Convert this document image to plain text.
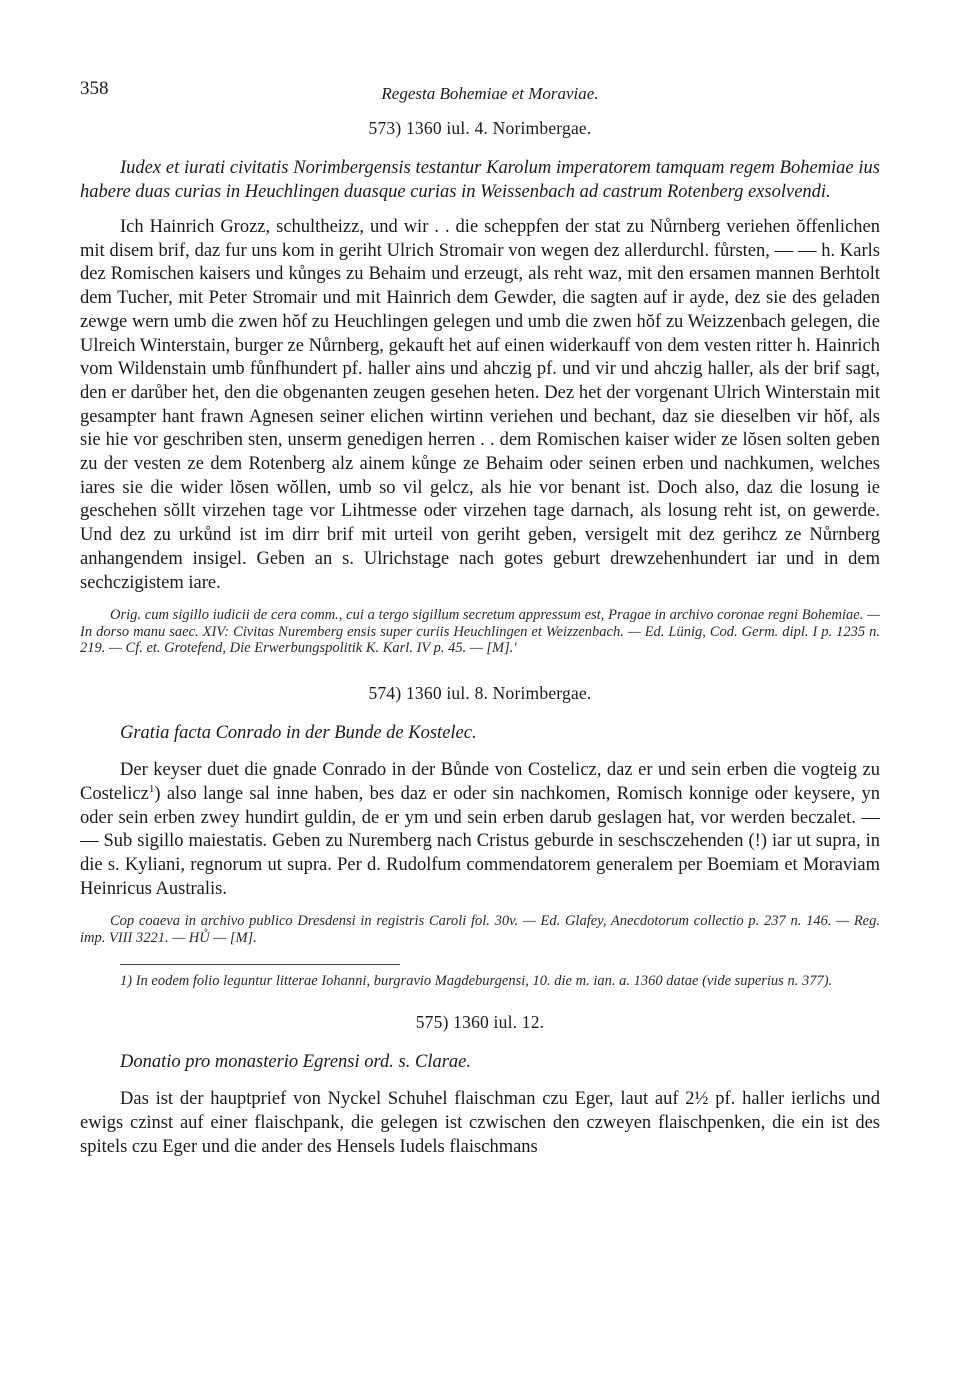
358	Regesta Bohemiae et Moraviae.
573) 1360 iul. 4. Norimbergae.

Iudex et iurati civitatis Norimbergensis testantur Karolum imperatorem tamquam regem Bohemiae ius habere duas curias in Heuchlingen duasque curias in Weissenbach ad castrum Rotenberg exsolvendi.

Ich Hainrich Grozz, schultheizz, und wir . . die scheppfen der stat zu Nůrnberg veriehen ŏffenlichen mit disem brif, daz fur uns kom in geriht Ulrich Stromair von wegen dez allerdurchl. fůrsten, — — h. Karls dez Romischen kaisers und kůnges zu Behaim und erzeugt, als reht waz, mit den ersamen mannen Berhtolt dem Tucher, mit Peter Stromair und mit Hainrich dem Gewder, die sagten auf ir ayde, dez sie des geladen zewge wern umb die zwen hŏf zu Heuchlingen gelegen und umb die zwen hŏf zu Weizzenbach gelegen, die Ulreich Winterstain, burger ze Nůrnberg, gekauft het auf einen widerkauff von dem vesten ritter h. Hainrich vom Wildenstain umb fůnfhundert pf. haller ains und ahczig pf. und vir und ahczig haller, als der brif sagt, den er darůber het, den die obgenanten zeugen gesehen heten. Dez het der vorgenant Ulrich Winterstain mit gesampter hant frawn Agnesen seiner elichen wirtinn veriehen und bechant, daz sie dieselben vir hŏf, als sie hie vor geschriben sten, unserm genedigen herren . . dem Romischen kaiser wider ze lŏsen solten geben zu der vesten ze dem Rotenberg alz ainem kůnge ze Behaim oder seinen erben und nachkumen, welches iares sie die wider lŏsen wŏllen, umb so vil gelcz, als hie vor benant ist. Doch also, daz die losung ie geschehen sŏllt virzehen tage vor Lihtmesse oder virzehen tage darnach, als losung reht ist, on gewerde. Und dez zu urkůnd ist im dirr brif mit urteil von geriht geben, versigelt mit dez gerihcz ze Nůrnberg anhangendem insigel. Geben an s. Ulrichstage nach gotes geburt drewzehenhundert iar und in dem sechczigistem iare.

Orig. cum sigillo iudicii de cera comm., cui a tergo sigillum secretum appressum est, Pragae in archivo coronae regni Bohemiae. — In dorso manu saec. XIV: Civitas Nuremberg ensis super curiis Heuchlingen et Weizzenbach. — Ed. Lünig, Cod. Germ. dipl. I p. 1235 n. 219. — Cf. et. Grotefend, Die Erwerbungspolitik K. Karl. IV p. 45. — [M].'

574) 1360 iul. 8. Norimbergae.

Gratia facta Conrado in der Bunde de Kostelec.

Der keyser duet die gnade Conrado in der Bůnde von Costelicz, daz er und sein erben die vogteig zu Costelicz$^1$) also lange sal inne haben, bes daz er oder sin nachkomen, Romisch konnige oder keysere, yn oder sein erben zwey hundirt guldin, de er ym und sein erben darub geslagen hat, vor werden beczalet. — — Sub sigillo maiestatis. Geben zu Nuremberg nach Cristus geburde in seschsczehenden (!) iar ut supra, in die s. Kyliani, regnorum ut supra. Per d. Rudolfum commendatorem generalem per Boemiam et Moraviam Heinricus Australis.

Cop coaeva in archivo publico Dresdensi in registris Caroli fol. 30v. — Ed. Glafey, Anecdotorum collectio p. 237 n. 146. — Reg. imp. VIII 3221. — HŮ — [M].

1) In eodem folio leguntur litterae Iohanni, burgravio Magdeburgensi, 10. die m. ian. a. 1360 datae (vide superius n. 377).

575) 1360 iul. 12.

Donatio pro monasterio Egrensi ord. s. Clarae.

Das ist der hauptprief von Nyckel Schuhel flaischman czu Eger, laut auf 2½ pf. haller ierlichs und ewigs czinst auf einer flaischpank, die gelegen ist czwischen den czweyen flaischpenken, die ein ist des spitels czu Eger und die ander des Hensels Iudels flaischmans
